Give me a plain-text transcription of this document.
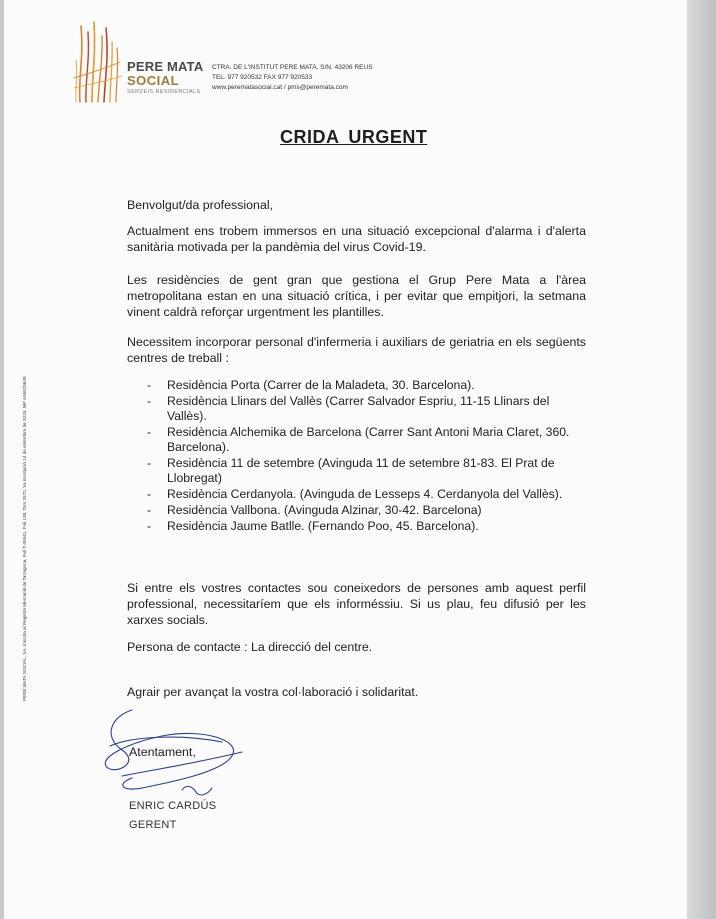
PERE MATA
SOCIAL
SERVEIS RESIDENCIALS
CTRA. DE L'INSTITUT PERE MATA, S/N. 43206 REUS
TEL. 977 920532 FAX 977 920533
www.perematasocial.cat / pms@peremata.com
PERE MATA SOCIAL, SA. Inscrita al Registre Mercantil de Tarragona, Full T-45941, Foli 138, Tom 2572. Va inscripció 14 de setembre de 2018, NIF A55525649
CRIDA URGENT

Benvolgut/da professional,

Actualment ens trobem immersos en una situació excepcional d'alarma i d'alerta sanitària motivada per la pandèmia del virus Covid-19.

Les residències de gent gran que gestiona el Grup Pere Mata a l'àrea metropolitana estan en una situació crítica, i per evitar que empitjori, la setmana vinent caldrà reforçar urgentment les plantilles.

Necessitem incorporar personal d'infermeria i auxiliars de geriatria en els següents centres de treball :

- Residència Porta (Carrer de la Maladeta, 30. Barcelona).
- Residència Llinars del Vallès (Carrer Salvador Espriu, 11-15 Llinars del Vallès).
- Residència Alchemika de Barcelona (Carrer Sant Antoni Maria Claret, 360. Barcelona).
- Residència 11 de setembre (Avinguda 11 de setembre 81-83. El Prat de Llobregat)
- Residència Cerdanyola. (Avinguda de Lesseps 4. Cerdanyola del Vallès).
- Residència Vallbona. (Avinguda Alzinar, 30-42. Barcelona)
- Residència Jaume Batlle. (Fernando Poo, 45. Barcelona).

Si entre els vostres contactes sou coneixedors de persones amb aquest perfil professional, necessitaríem que els informéssiu. Si us plau, feu difusió per les xarxes socials.

Persona de contacte : La direcció del centre.

Agrair per avançat la vostra col·laboració i solidaritat.

Atentament,
ENRIC CARDÚS
GERENT
